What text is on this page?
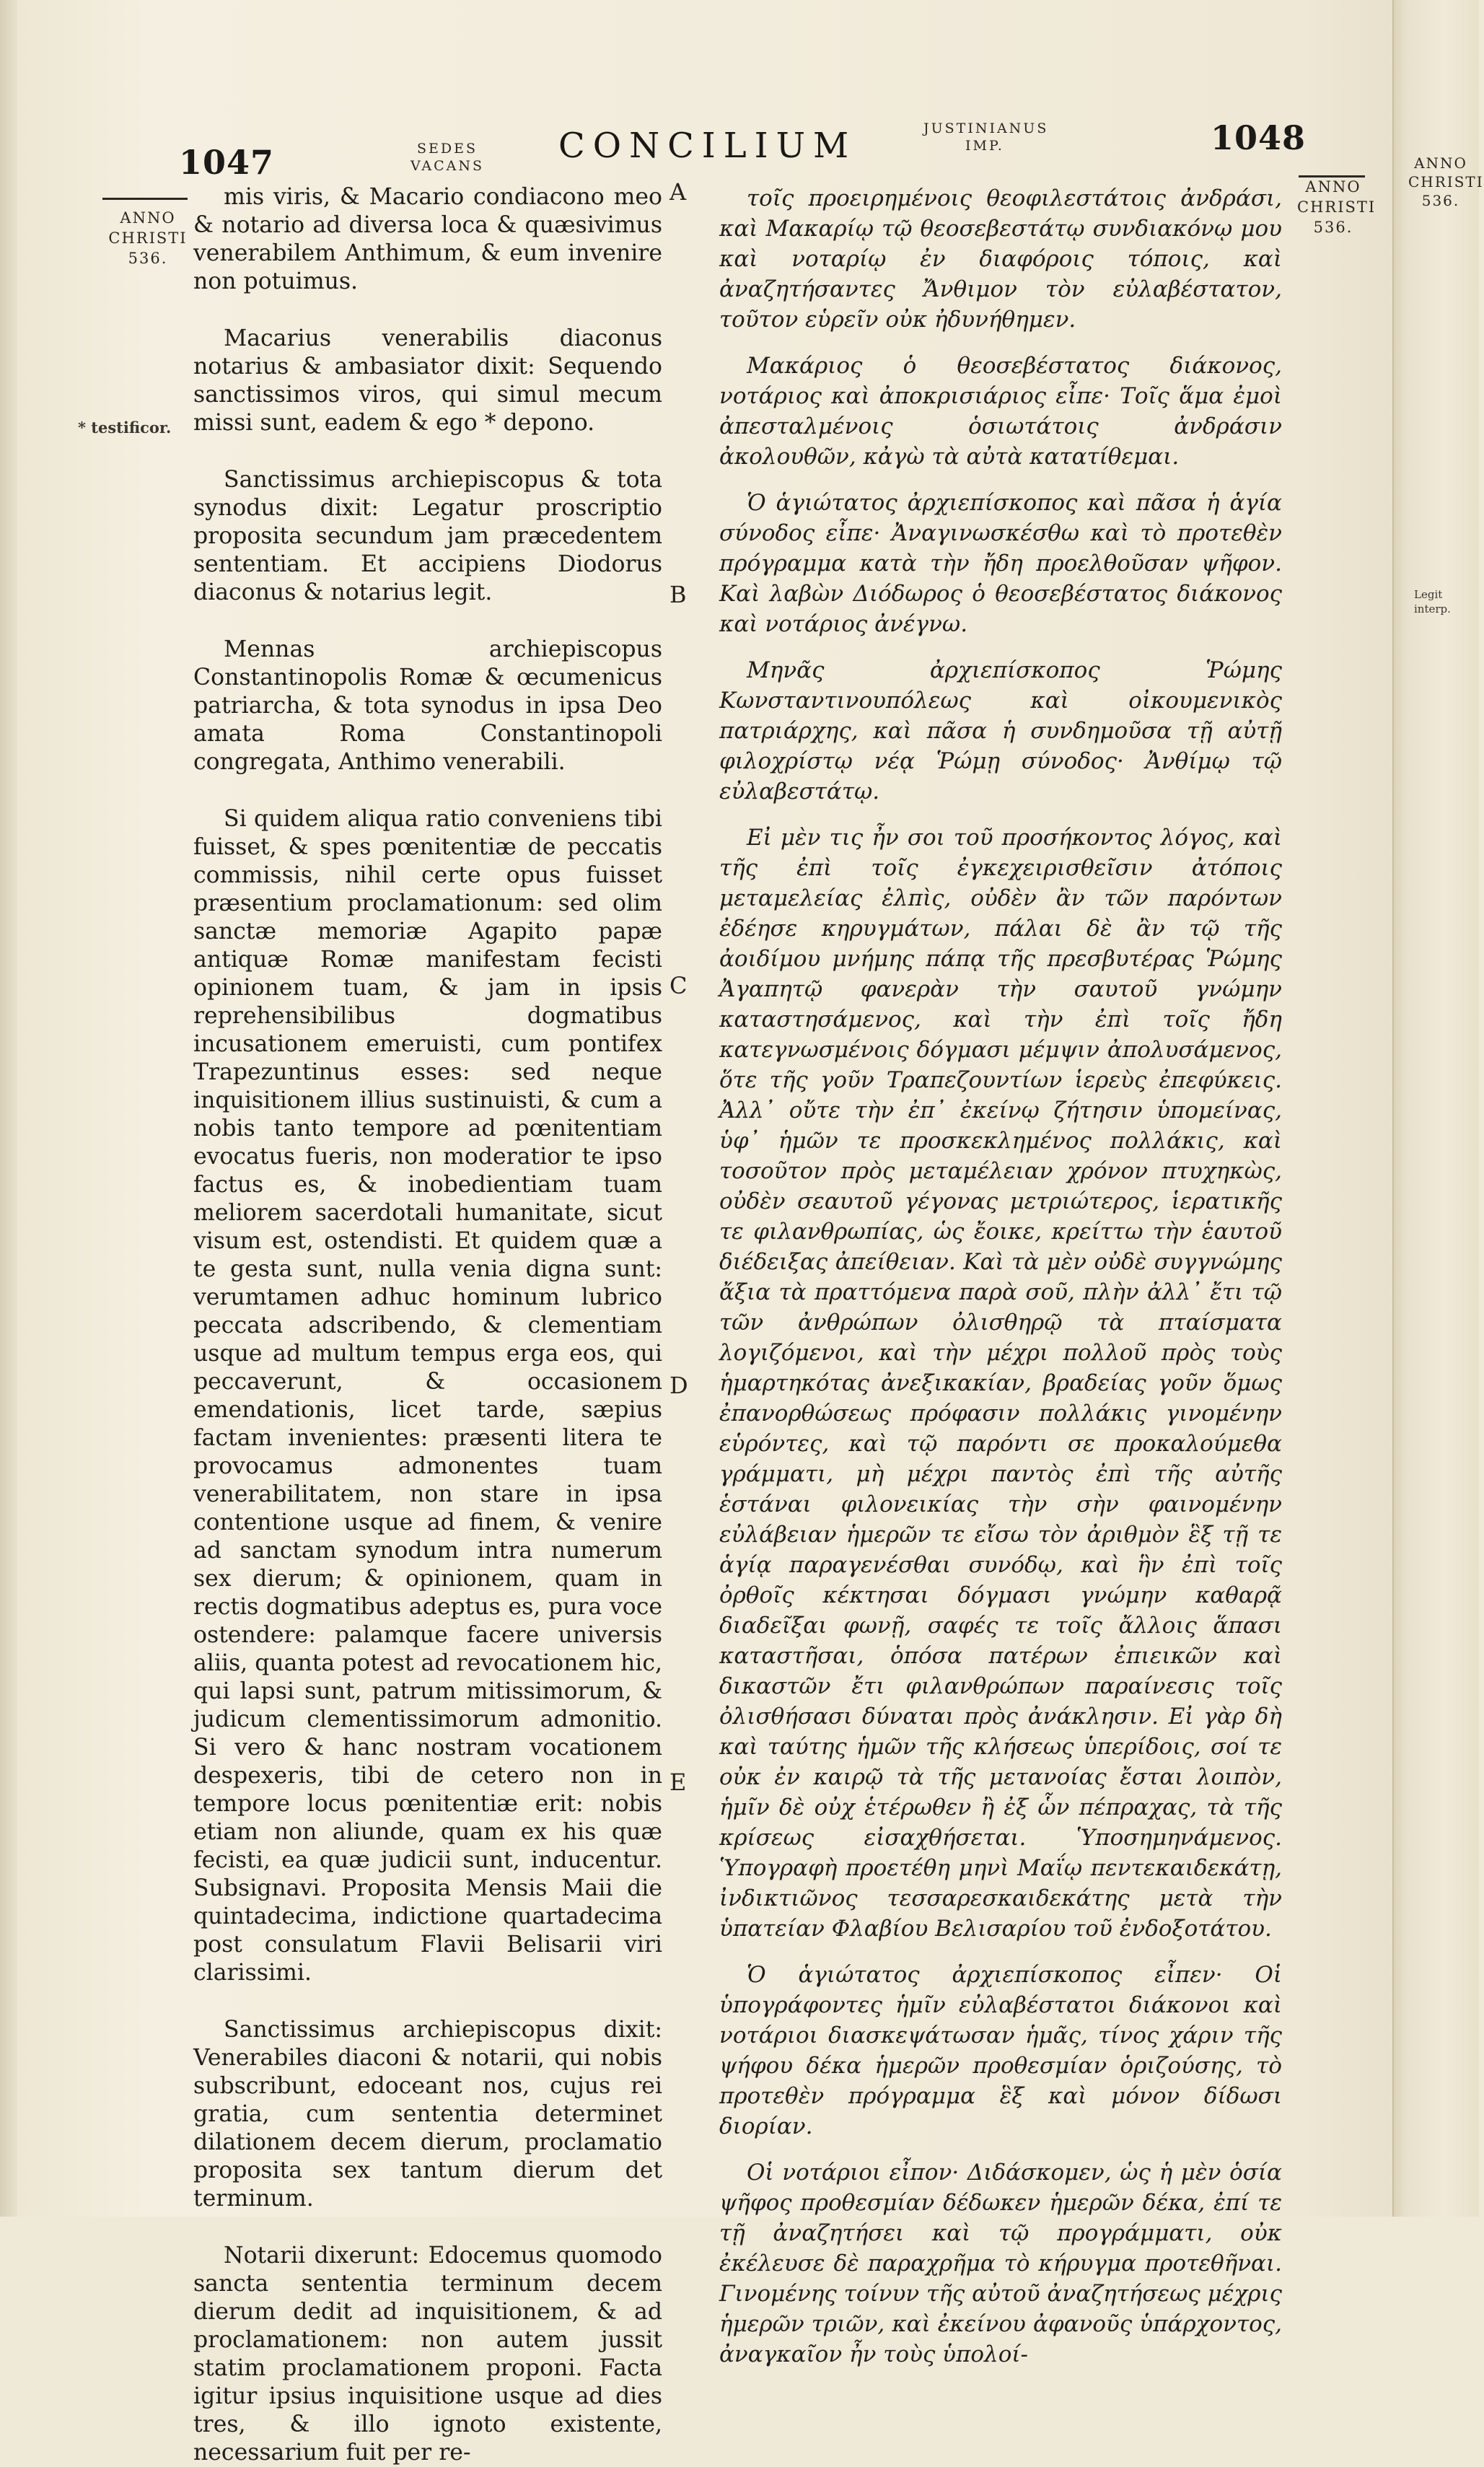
1047	SEDES VACANS	CONCILIUM	JUSTINIANUS IMP.	1048
ANNO CHRISTI 536.
ANNO CHRISTI 536.
ANNO CHRISTI 536.
* testificor.
Legit interp.

mis viris, & Macario condiacono meo & notario ad diversa loca & quæsivimus venerabilem Anthimum, & eum invenire non potuimus.

Macarius venerabilis diaconus notarius & ambasiator dixit: Sequendo sanctissimos viros, qui simul mecum missi sunt, eadem & ego * depono.

Sanctissimus archiepiscopus & tota synodus dixit: Legatur proscriptio proposita secundum jam præcedentem sententiam. Et accipiens Diodorus diaconus & notarius legit.

Mennas archiepiscopus Constantinopolis Romæ & œcumenicus patriarcha, & tota synodus in ipsa Deo amata Roma Constantinopoli congregata, Anthimo venerabili.

Si quidem aliqua ratio conveniens tibi fuisset, & spes pœnitentiæ de peccatis commissis, nihil certe opus fuisset præsentium proclamationum: sed olim sanctæ memoriæ Agapito papæ antiquæ Romæ manifestam fecisti opinionem tuam, & jam in ipsis reprehensibilibus dogmatibus incusationem emeruisti, cum pontifex Trapezuntinus esses: sed neque inquisitionem illius sustinuisti, & cum a nobis tanto tempore ad pœnitentiam evocatus fueris, non moderatior te ipso factus es, & inobedientiam tuam meliorem sacerdotali humanitate, sicut visum est, ostendisti. Et quidem quæ a te gesta sunt, nulla venia digna sunt: verumtamen adhuc hominum lubrico peccata adscribendo, & clementiam usque ad multum tempus erga eos, qui peccaverunt, & occasionem emendationis, licet tarde, sæpius factam invenientes: præsenti litera te provocamus admonentes tuam venerabilitatem, non stare in ipsa contentione usque ad finem, & venire ad sanctam synodum intra numerum sex dierum; & opinionem, quam in rectis dogmatibus adeptus es, pura voce ostendere: palamque facere universis aliis, quanta potest ad revocationem hic, qui lapsi sunt, patrum mitissimorum, & judicum clementissimorum admonitio. Si vero & hanc nostram vocationem despexeris, tibi de cetero non in tempore locus pœnitentiæ erit: nobis etiam non aliunde, quam ex his quæ fecisti, ea quæ judicii sunt, inducentur. Subsignavi. Proposita Mensis Maii die quintadecima, indictione quartadecima post consulatum Flavii Belisarii viri clarissimi.

Sanctissimus archiepiscopus dixit: Venerabiles diaconi & notarii, qui nobis subscribunt, edoceant nos, cujus rei gratia, cum sententia determinet dilationem decem dierum, proclamatio proposita sex tantum dierum det terminum.

Notarii dixerunt: Edocemus quomodo sancta sententia terminum decem dierum dedit ad inquisitionem, & ad proclamationem: non autem jussit statim proclamationem proponi. Facta igitur ipsius inquisitione usque ad dies tres, & illo ignoto existente, necessarium fuit per re-

A
B
C
D
E

τοῖς προειρημένοις θεοφιλεστάτοις ἀνδράσι, καὶ Μακαρίῳ τῷ θεοσεβεστάτῳ συνδιακόνῳ μου καὶ νοταρίῳ ἐν διαφόροις τόποις, καὶ ἀναζητήσαντες Ἄνθιμον τὸν εὐλαβέστατον, τοῦτον εὑρεῖν οὐκ ἠδυνήθημεν.

Μακάριος ὁ θεοσεβέστατος διάκονος, νοτάριος καὶ ἀποκρισιάριος εἶπε· Τοῖς ἅμα ἐμοὶ ἀπεσταλμένοις ὁσιωτάτοις ἀνδράσιν ἀκολουθῶν, κἀγὼ τὰ αὐτὰ κατατίθεμαι.

Ὁ ἁγιώτατος ἀρχιεπίσκοπος καὶ πᾶσα ἡ ἁγία σύνοδος εἶπε· Ἀναγινωσκέσθω καὶ τὸ προτεθὲν πρόγραμμα κατὰ τὴν ἤδη προελθοῦσαν ψῆφον. Καὶ λαβὼν Διόδωρος ὁ θεοσεβέστατος διάκονος καὶ νοτάριος ἀνέγνω.

Μηνᾶς ἀρχιεπίσκοπος Ῥώμης Κωνσταντινουπόλεως καὶ οἰκουμενικὸς πατριάρχης, καὶ πᾶσα ἡ συνδημοῦσα τῇ αὐτῇ φιλοχρίστῳ νέᾳ Ῥώμῃ σύνοδος· Ἀνθίμῳ τῷ εὐλαβεστάτῳ.

Εἰ μὲν τις ἦν σοι τοῦ προσήκοντος λόγος, καὶ τῆς ἐπὶ τοῖς ἐγκεχειρισθεῖσιν ἀτόποις μεταμελείας ἐλπὶς, οὐδὲν ἂν τῶν παρόντων ἐδέησε κηρυγμάτων, πάλαι δὲ ἂν τῷ τῆς ἀοιδίμου μνήμης πάπᾳ τῆς πρεσβυτέρας Ῥώμης Ἀγαπητῷ φανερὰν τὴν σαυτοῦ γνώμην καταστησάμενος, καὶ τὴν ἐπὶ τοῖς ἤδη κατεγνωσμένοις δόγμασι μέμψιν ἀπολυσάμενος, ὅτε τῆς γοῦν Τραπεζουντίων ἱερεὺς ἐπεφύκεις. Ἀλλ᾽ οὔτε τὴν ἐπ᾽ ἐκείνῳ ζήτησιν ὑπομείνας, ὑφ᾽ ἡμῶν τε προσκεκλημένος πολλάκις, καὶ τοσοῦτον πρὸς μεταμέλειαν χρόνον πτυχηκὼς, οὐδὲν σεαυτοῦ γέγονας μετριώτερος, ἱερατικῆς τε φιλανθρωπίας, ὡς ἔοικε, κρείττω τὴν ἑαυτοῦ διέδειξας ἀπείθειαν. Καὶ τὰ μὲν οὐδὲ συγγνώμης ἄξια τὰ πραττόμενα παρὰ σοῦ, πλὴν ἀλλ᾽ ἔτι τῷ τῶν ἀνθρώπων ὀλισθηρῷ τὰ πταίσματα λογιζόμενοι, καὶ τὴν μέχρι πολλοῦ πρὸς τοὺς ἡμαρτηκότας ἀνεξικακίαν, βραδείας γοῦν ὅμως ἐπανορθώσεως πρόφασιν πολλάκις γινομένην εὑρόντες, καὶ τῷ παρόντι σε προκαλούμεθα γράμματι, μὴ μέχρι παντὸς ἐπὶ τῆς αὐτῆς ἑστάναι φιλονεικίας τὴν σὴν φαινομένην εὐλάβειαν ἡμερῶν τε εἴσω τὸν ἀριθμὸν ἓξ τῇ τε ἁγίᾳ παραγενέσθαι συνόδῳ, καὶ ἣν ἐπὶ τοῖς ὀρθοῖς κέκτησαι δόγμασι γνώμην καθαρᾷ διαδεῖξαι φωνῇ, σαφές τε τοῖς ἄλλοις ἅπασι καταστῆσαι, ὁπόσα πατέρων ἐπιεικῶν καὶ δικαστῶν ἔτι φιλανθρώπων παραίνεσις τοῖς ὀλισθήσασι δύναται πρὸς ἀνάκλησιν. Εἰ γὰρ δὴ καὶ ταύτης ἡμῶν τῆς κλήσεως ὑπερίδοις, σοί τε οὐκ ἐν καιρῷ τὰ τῆς μετανοίας ἔσται λοιπὸν, ἡμῖν δὲ οὐχ ἑτέρωθεν ἢ ἐξ ὧν πέπραχας, τὰ τῆς κρίσεως εἰσαχθήσεται. Ὑποσημηνάμενος. Ὑπογραφὴ προετέθη μηνὶ Μαΐῳ πεντεκαιδεκάτῃ, ἰνδικτιῶνος τεσσαρεσκαιδεκάτης μετὰ τὴν ὑπατείαν Φλαβίου Βελισαρίου τοῦ ἐνδοξοτάτου.

Ὁ ἁγιώτατος ἀρχιεπίσκοπος εἶπεν· Οἱ ὑπογράφοντες ἡμῖν εὐλαβέστατοι διάκονοι καὶ νοτάριοι διασκεψάτωσαν ἡμᾶς, τίνος χάριν τῆς ψήφου δέκα ἡμερῶν προθεσμίαν ὁριζούσης, τὸ προτεθὲν πρόγραμμα ἓξ καὶ μόνον δίδωσι διορίαν.

Οἱ νοτάριοι εἶπον· Διδάσκομεν, ὡς ἡ μὲν ὁσία ψῆφος προθεσμίαν δέδωκεν ἡμερῶν δέκα, ἐπί τε τῇ ἀναζητήσει καὶ τῷ προγράμματι, οὐκ ἐκέλευσε δὲ παραχρῆμα τὸ κήρυγμα προτεθῆναι. Γινομένης τοίνυν τῆς αὐτοῦ ἀναζητήσεως μέχρις ἡμερῶν τριῶν, καὶ ἐκείνου ἀφανοῦς ὑπάρχοντος, ἀναγκαῖον ἦν τοὺς ὑπολοί-
